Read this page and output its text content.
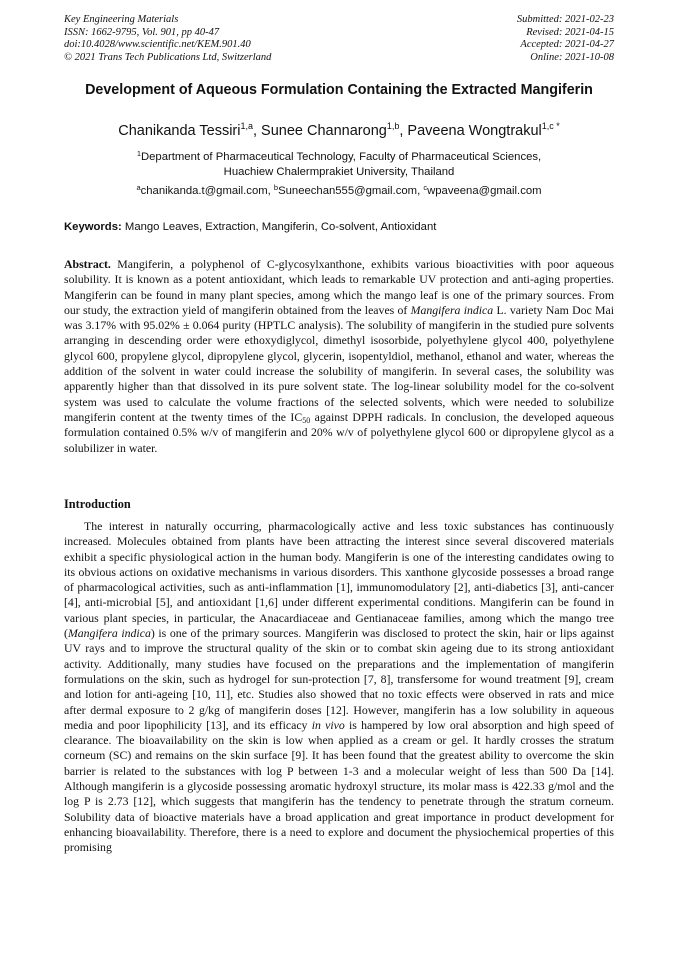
Key Engineering Materials
ISSN: 1662-9795, Vol. 901, pp 40-47
doi:10.4028/www.scientific.net/KEM.901.40
© 2021 Trans Tech Publications Ltd, Switzerland
Submitted: 2021-02-23
Revised: 2021-04-15
Accepted: 2021-04-27
Online: 2021-10-08
Development of Aqueous Formulation Containing the Extracted Mangiferin
Chanikanda Tessiri$^{1,a}$, Sunee Channarong$^{1,b}$, Paveena Wongtrakul$^{1,c *}$
$^1$Department of Pharmaceutical Technology, Faculty of Pharmaceutical Sciences,
Huachiew Chalermprakiet University, Thailand
$^a$chanikanda.t@gmail.com, $^b$Suneechan555@gmail.com, $^c$wpaveena@gmail.com
Keywords: Mango Leaves, Extraction, Mangiferin, Co-solvent, Antioxidant
Abstract. Mangiferin, a polyphenol of C-glycosylxanthone, exhibits various bioactivities with poor aqueous solubility. It is known as a potent antioxidant, which leads to remarkable UV protection and anti-aging properties. Mangiferin can be found in many plant species, among which the mango leaf is one of the primary sources. From our study, the extraction yield of mangiferin obtained from the leaves of Mangifera indica L. variety Nam Doc Mai was 3.17% with 95.02% ± 0.064 purity (HPTLC analysis). The solubility of mangiferin in the studied pure solvents arranging in descending order were ethoxydiglycol, dimethyl isosorbide, polyethylene glycol 400, polyethylene glycol 600, propylene glycol, dipropylene glycol, glycerin, isopentyldiol, methanol, ethanol and water, whereas the addition of the solvent in water could increase the solubility of mangiferin. In several cases, the solubility was apparently higher than that dissolved in its pure solvent state. The log-linear solubility model for the co-solvent system was used to calculate the volume fractions of the selected solvents, which were needed to solubilize mangiferin content at the twenty times of the $IC_{50}$ against DPPH radicals. In conclusion, the developed aqueous formulation contained 0.5% w/v of mangiferin and 20% w/v of polyethylene glycol 600 or dipropylene glycol as a solubilizer in water.
Introduction
The interest in naturally occurring, pharmacologically active and less toxic substances has continuously increased. Molecules obtained from plants have been attracting the interest since several discovered materials exhibit a specific physiological action in the human body. Mangiferin is one of the interesting candidates owing to its obvious actions on oxidative mechanisms in various disorders. This xanthone glycoside possesses a broad range of pharmacological activities, such as anti-inflammation [1], immunomodulatory [2], anti-diabetics [3], anti-cancer [4], anti-microbial [5], and antioxidant [1,6] under different experimental conditions. Mangiferin can be found in various plant species, in particular, the Anacardiaceae and Gentianaceae families, among which the mango tree (Mangifera indica) is one of the primary sources. Mangiferin was disclosed to protect the skin, hair or lips against UV rays and to improve the structural quality of the skin or to combat skin ageing due to its strong antioxidant activity. Additionally, many studies have focused on the preparations and the implementation of mangiferin formulations on the skin, such as hydrogel for sun-protection [7, 8], transfersome for wound treatment [9], cream and lotion for anti-ageing [10, 11], etc. Studies also showed that no toxic effects were observed in rats and mice after dermal exposure to 2 g/kg of mangiferin doses [12]. However, mangiferin has a low solubility in aqueous media and poor lipophilicity [13], and its efficacy in vivo is hampered by low oral absorption and high speed of clearance. The bioavailability on the skin is low when applied as a cream or gel. It hardly crosses the stratum corneum (SC) and remains on the skin surface [9]. It has been found that the greatest ability to overcome the skin barrier is related to the substances with log P between 1-3 and a molecular weight of less than 500 Da [14]. Although mangiferin is a glycoside possessing aromatic hydroxyl structure, its molar mass is 422.33 g/mol and the log P is 2.73 [12], which suggests that mangiferin has the tendency to penetrate through the stratum corneum. Solubility data of bioactive materials have a broad application and great importance in product development for enhancing bioavailability. Therefore, there is a need to explore and document the physiochemical properties of this promising
